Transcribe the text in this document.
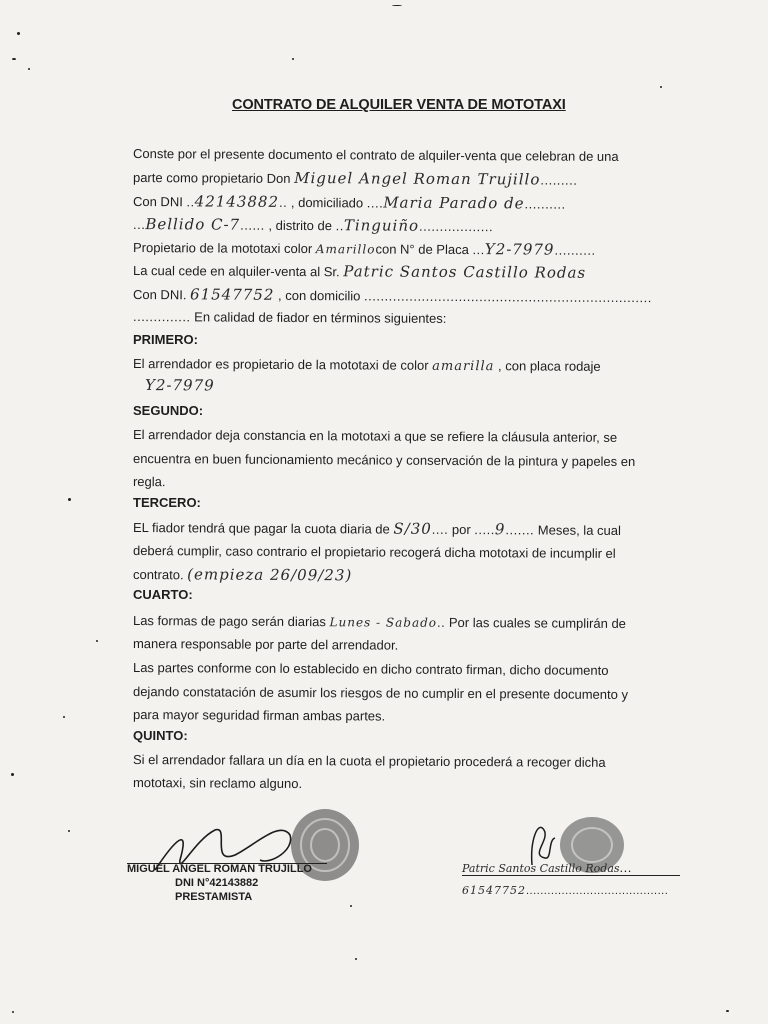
CONTRATO DE ALQUILER VENTA DE MOTOTAXI
Conste por el presente documento el contrato de alquiler-venta que celebran de una
parte como propietario Don Miguel Angel Roman Trujillo.........
Con DNI ..42143882.. , domiciliado ....Maria Parado de..........
...Bellido C-7...... , distrito de ..Tinguiño..................
Propietario de la mototaxi color Amarillocon N° de Placa ...Y2-7979..........
La cual cede en alquiler-venta al Sr. Patric Santos Castillo Rodas
Con DNI. 61547752 , con domicilio ......................................................................
.............. En calidad de fiador en términos siguientes:
PRIMERO:
El arrendador es propietario de la mototaxi de color amarilla , con placa rodaje
Y2-7979
SEGUNDO:
El arrendador deja constancia en la mototaxi a que se refiere la cláusula anterior, se
encuentra en buen funcionamiento mecánico y conservación de la pintura y papeles en
regla.
TERCERO:
EL fiador tendrá que pagar la cuota diaria de S/30.... por .....9....... Meses, la cual
deberá cumplir, caso contrario el propietario recogerá dicha mototaxi de incumplir el
contrato. (empieza 26/09/23)
CUARTO:
Las formas de pago serán diarias Lunes - Sabado.. Por las cuales se cumplirán de
manera responsable por parte del arrendador.
Las partes conforme con lo establecido en dicho contrato firman, dicho documento
dejando constatación de asumir los riesgos de no cumplir en el presente documento y
para mayor seguridad firman ambas partes.
QUINTO:
Si el arrendador fallara un día en la cuota el propietario procederá a recoger dicha
mototaxi, sin reclamo alguno.
MIGUEL ANGEL ROMAN TRUJILLO
DNI N°42143882
PRESTAMISTA
Patric Santos Castillo Rodas...
61547752........................................
